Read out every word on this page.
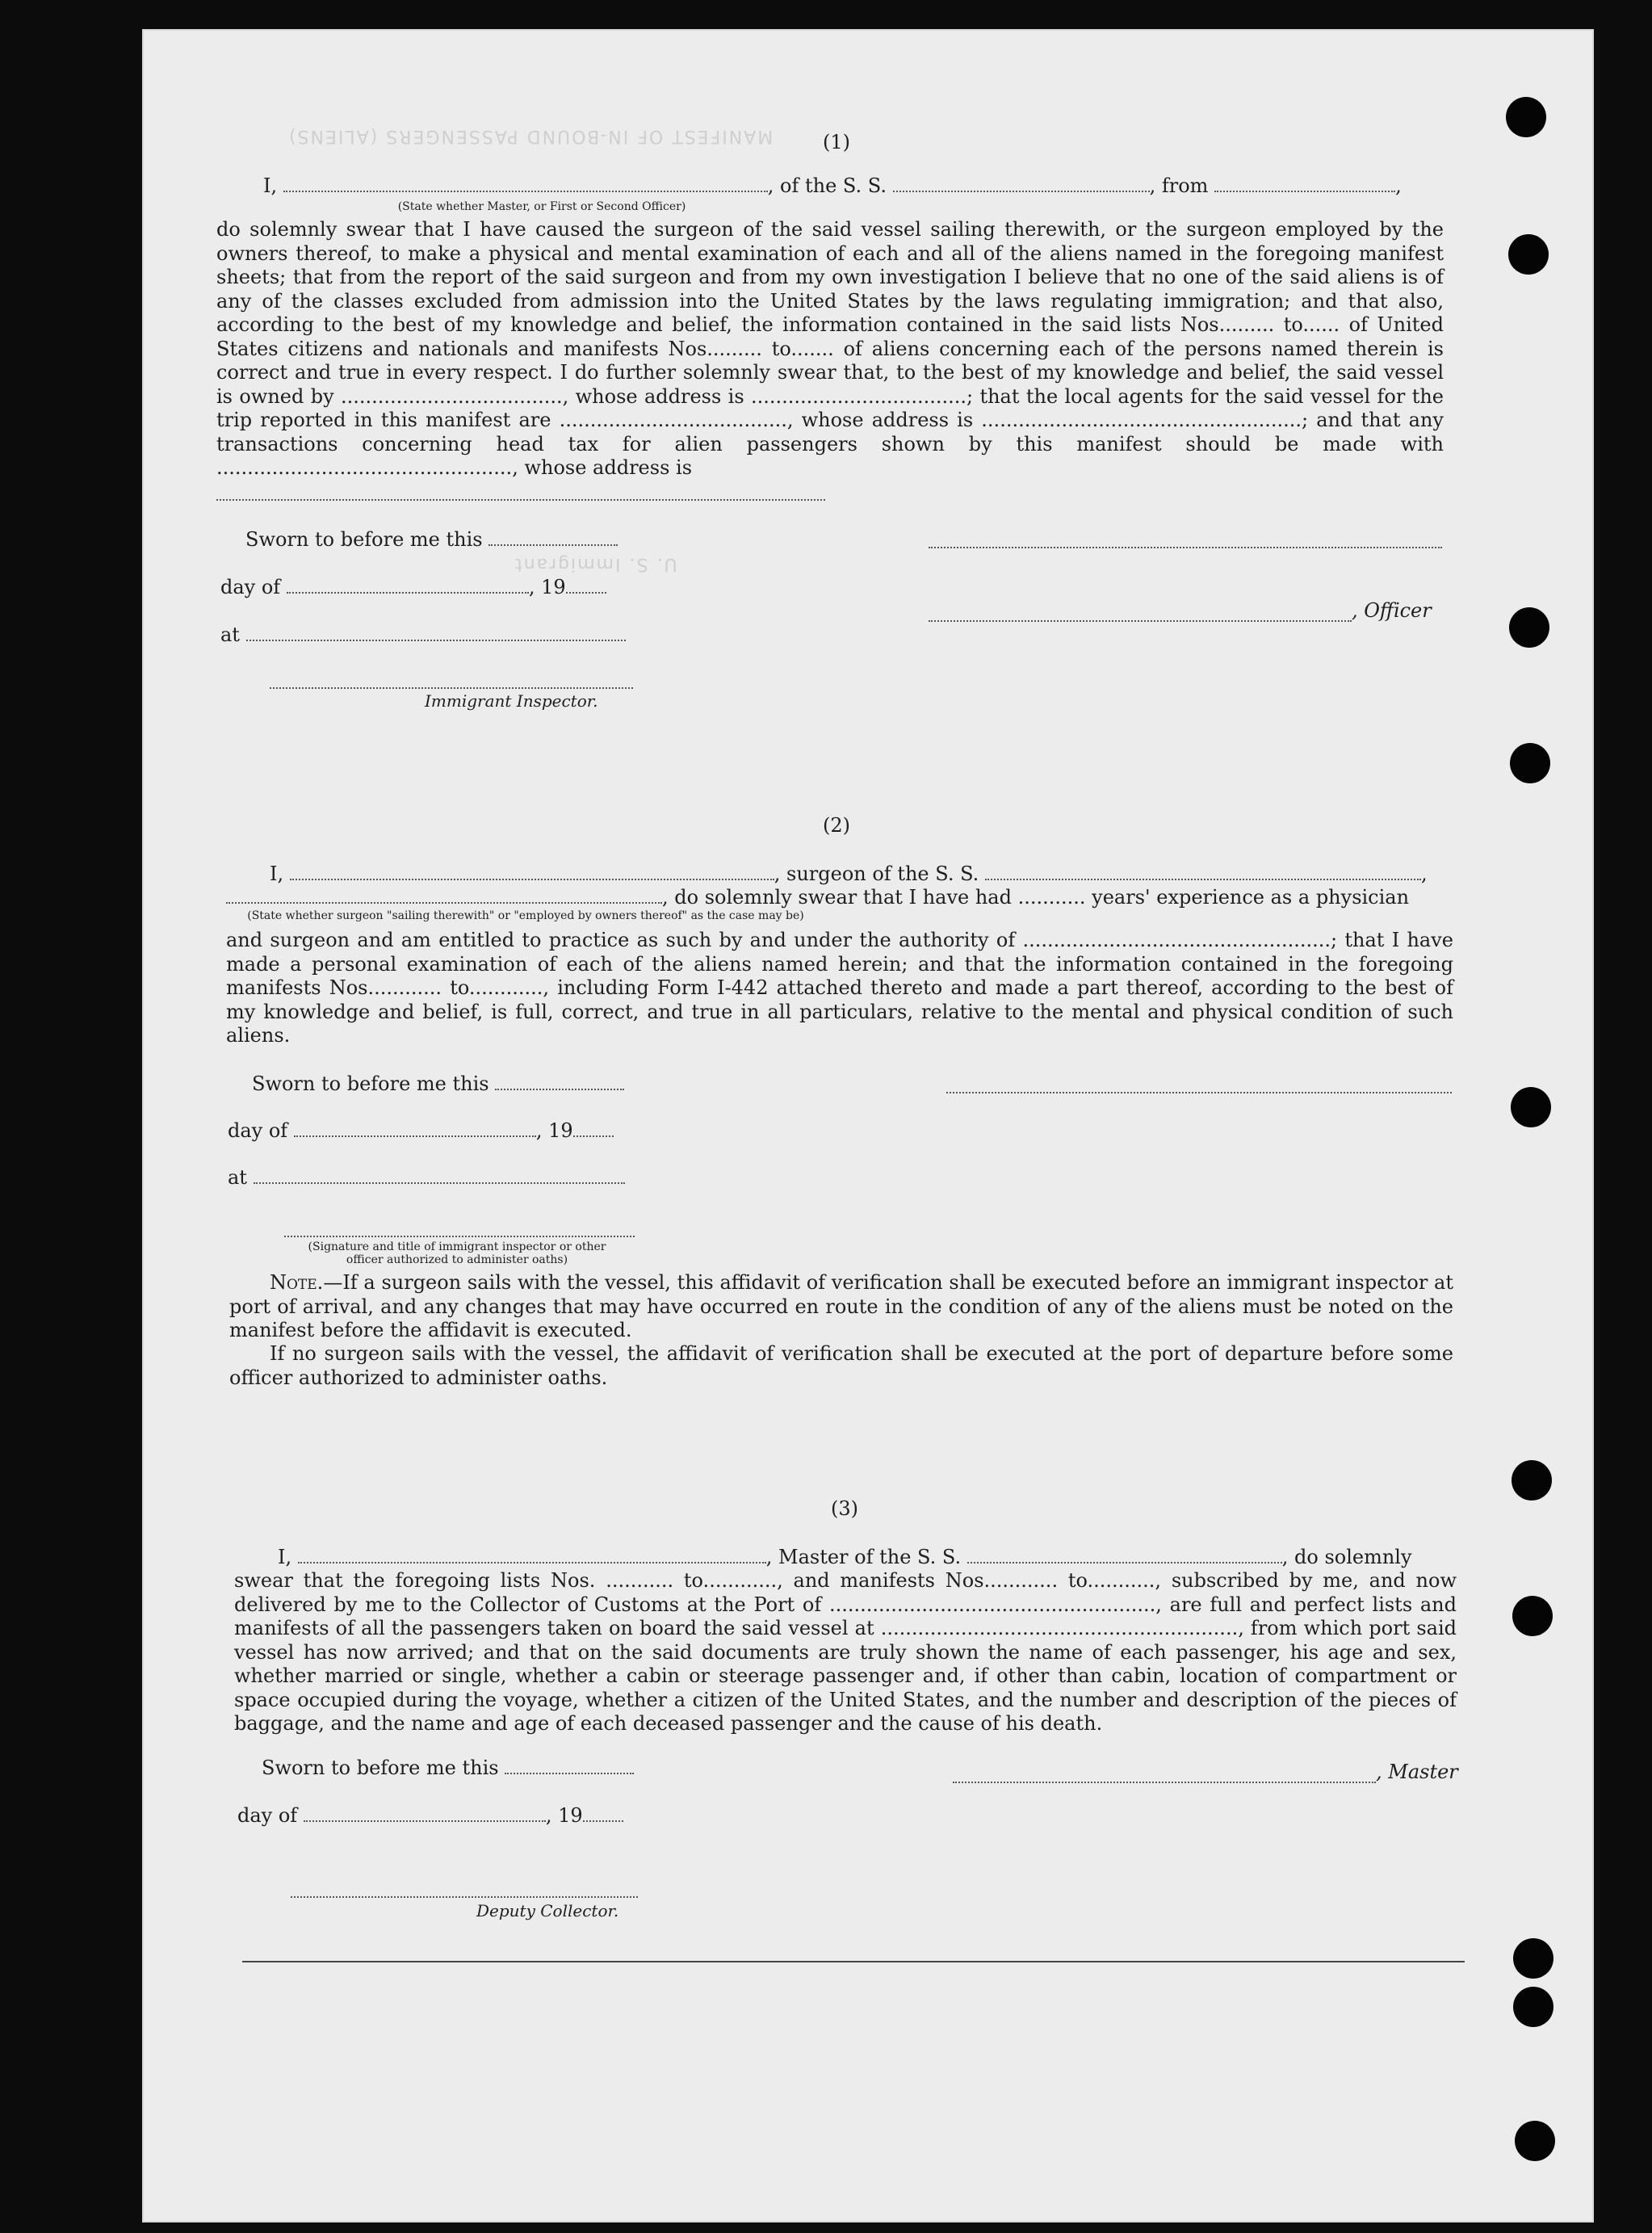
MANIFEST OF IN-BOUND PASSENGERS (ALIENS)
U. S. Immigrant
(1)
I,	, of the S. S.	, from	,
(State whether Master, or First or Second Officer)

do solemnly swear that I have caused the surgeon of the said vessel sailing therewith, or the surgeon employed by the owners thereof, to make a physical and mental examination of each and all of the aliens named in the foregoing manifest sheets; that from the report of the said surgeon and from my own investigation I believe that no one of the said aliens is of any of the classes excluded from admission into the United States by the laws regulating immigration; and that also, according to the best of my knowledge and belief, the information contained in the said lists Nos......... to...... of United States citizens and nationals and manifests Nos......... to....... of aliens concerning each of the persons named therein is correct and true in every respect. I do further solemnly swear that, to the best of my knowledge and belief, the said vessel is owned by ...................................., whose address is ...................................; that the local agents for the said vessel for the trip reported in this manifest are ....................................., whose address is ....................................................; and that any transactions concerning head tax for alien passengers shown by this manifest should be made with ................................................, whose address is

Sworn to before me this
day of	, 19
, Officer
at
Immigrant Inspector.
(2)
I,	, surgeon of the S. S.	,
, do solemnly swear that I have had ........... years' experience as a physician
(State whether surgeon "sailing therewith" or "employed by owners thereof" as the case may be)

and surgeon and am entitled to practice as such by and under the authority of ..................................................; that I have made a personal examination of each of the aliens named herein; and that the information contained in the foregoing manifests Nos............ to............, including Form I-442 attached thereto and made a part thereof, according to the best of my knowledge and belief, is full, correct, and true in all particulars, relative to the mental and physical condition of such aliens.

Sworn to before me this
day of	, 19
at
(Signature and title of immigrant inspector or other officer authorized to administer oaths)

Note.—If a surgeon sails with the vessel, this affidavit of verification shall be executed before an immigrant inspector at port of arrival, and any changes that may have occurred en route in the condition of any of the aliens must be noted on the manifest before the affidavit is executed.

If no surgeon sails with the vessel, the affidavit of verification shall be executed at the port of departure before some officer authorized to administer oaths.

(3)
I,	, Master of the S. S.	, do solemnly

swear that the foregoing lists Nos. ........... to............, and manifests Nos............ to..........., subscribed by me, and now delivered by me to the Collector of Customs at the Port of ....................................................., are full and perfect lists and manifests of all the passengers taken on board the said vessel at .........................................................., from which port said vessel has now arrived; and that on the said documents are truly shown the name of each passenger, his age and sex, whether married or single, whether a cabin or steerage passenger and, if other than cabin, location of compartment or space occupied during the voyage, whether a citizen of the United States, and the number and description of the pieces of baggage, and the name and age of each deceased passenger and the cause of his death.

Sworn to before me this	, Master
day of	, 19
Deputy Collector.
